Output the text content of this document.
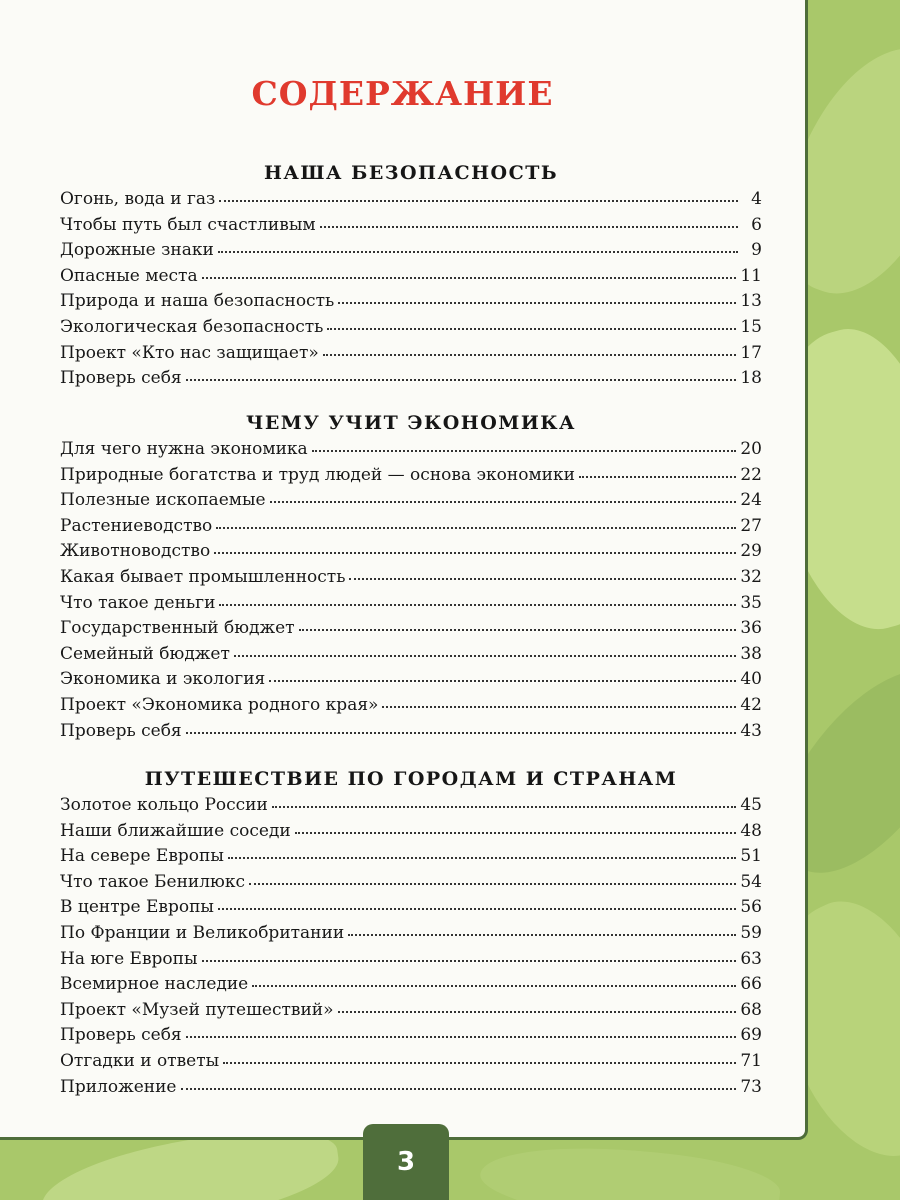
СОДЕРЖАНИЕ
НАША БЕЗОПАСНОСТЬ
Огонь, вода и газ	4
Чтобы путь был счастливым	6
Дорожные знаки	9
Опасные места	11
Природа и наша безопасность	13
Экологическая безопасность	15
Проект «Кто нас защищает»	17
Проверь себя	18
ЧЕМУ УЧИТ ЭКОНОМИКА
Для чего нужна экономика	20
Природные богатства и труд людей — основа экономики	22
Полезные ископаемые	24
Растениеводство	27
Животноводство	29
Какая бывает промышленность	32
Что такое деньги	35
Государственный бюджет	36
Семейный бюджет	38
Экономика и экология	40
Проект «Экономика родного края»	42
Проверь себя	43
ПУТЕШЕСТВИЕ ПО ГОРОДАМ И СТРАНАМ
Золотое кольцо России	45
Наши ближайшие соседи	48
На севере Европы	51
Что такое Бенилюкс	54
В центре Европы	56
По Франции и Великобритании	59
На юге Европы	63
Всемирное наследие	66
Проект «Музей путешествий»	68
Проверь себя	69
Отгадки и ответы	71
Приложение	73
3
